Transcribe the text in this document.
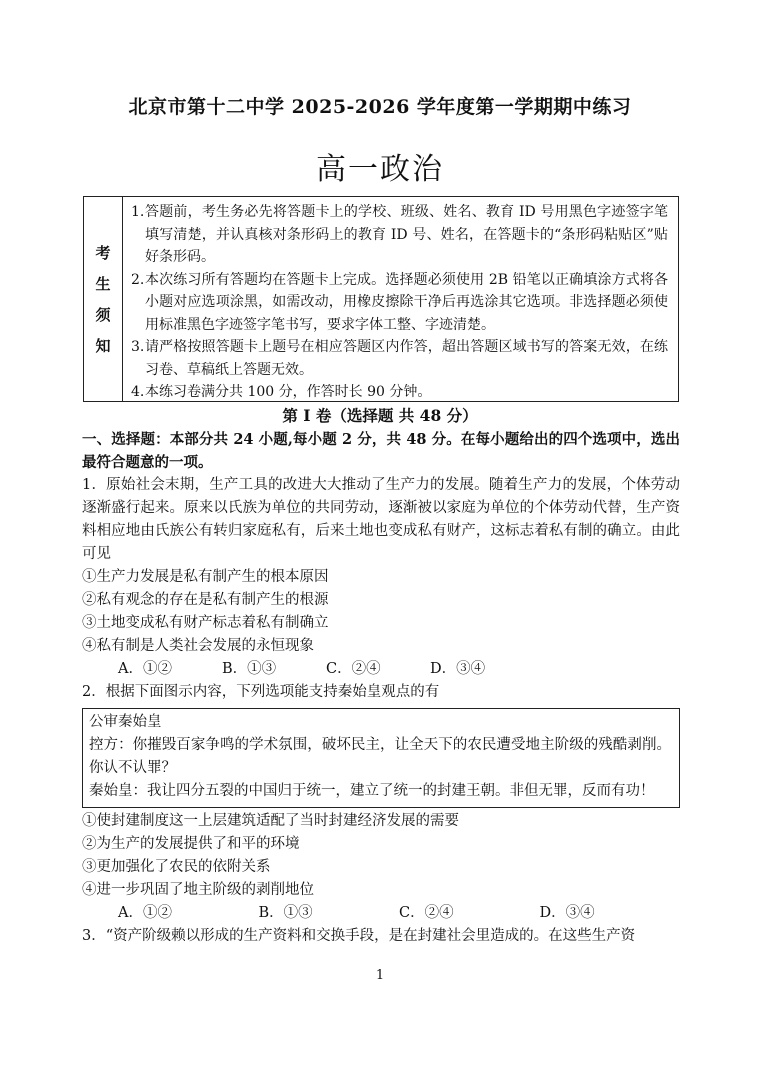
北京市第十二中学 2025-2026 学年度第一学期期中练习
高一政治
考
生
须
知
1. 答题前，考生务必先将答题卡上的学校、班级、姓名、教育 ID 号用黑色字迹签字笔填写清楚，并认真核对条形码上的教育 ID 号、姓名，在答题卡的“条形码粘贴区”贴好条形码。
2. 本次练习所有答题均在答题卡上完成。选择题必须使用 2B 铅笔以正确填涂方式将各小题对应选项涂黑，如需改动，用橡皮擦除干净后再选涂其它选项。非选择题必须使用标准黑色字迹签字笔书写，要求字体工整、字迹清楚。
3. 请严格按照答题卡上题号在相应答题区内作答，超出答题区域书写的答案无效，在练习卷、草稿纸上答题无效。
4. 本练习卷满分共 100 分，作答时长 90 分钟。
第 I 卷（选择题 共 48 分）
一、选择题：本部分共 24 小题,每小题 2 分，共 48 分。在每小题给出的四个选项中，选出最符合题意的一项。
1．原始社会末期，生产工具的改进大大推动了生产力的发展。随着生产力的发展，个体劳动逐渐盛行起来。原来以氏族为单位的共同劳动，逐渐被以家庭为单位的个体劳动代替，生产资料相应地由氏族公有转归家庭私有，后来土地也变成私有财产，这标志着私有制的确立。由此可见
①生产力发展是私有制产生的根本原因
②私有观念的存在是私有制产生的根源
③土地变成私有财产标志着私有制确立
④私有制是人类社会发展的永恒现象
A．①②	B．①③	C．②④	D．③④
2．根据下面图示内容，下列选项能支持秦始皇观点的有
公审秦始皇
控方：你摧毁百家争鸣的学术氛围，破坏民主，让全天下的农民遭受地主阶级的残酷剥削。你认不认罪？
秦始皇：我让四分五裂的中国归于统一，建立了统一的封建王朝。非但无罪，反而有功！
①使封建制度这一上层建筑适配了当时封建经济发展的需要
②为生产的发展提供了和平的环境
③更加强化了农民的依附关系
④进一步巩固了地主阶级的剥削地位
A．①②	B．①③	C．②④	D．③④
3．“资产阶级赖以形成的生产资料和交换手段，是在封建社会里造成的。在这些生产资
1
